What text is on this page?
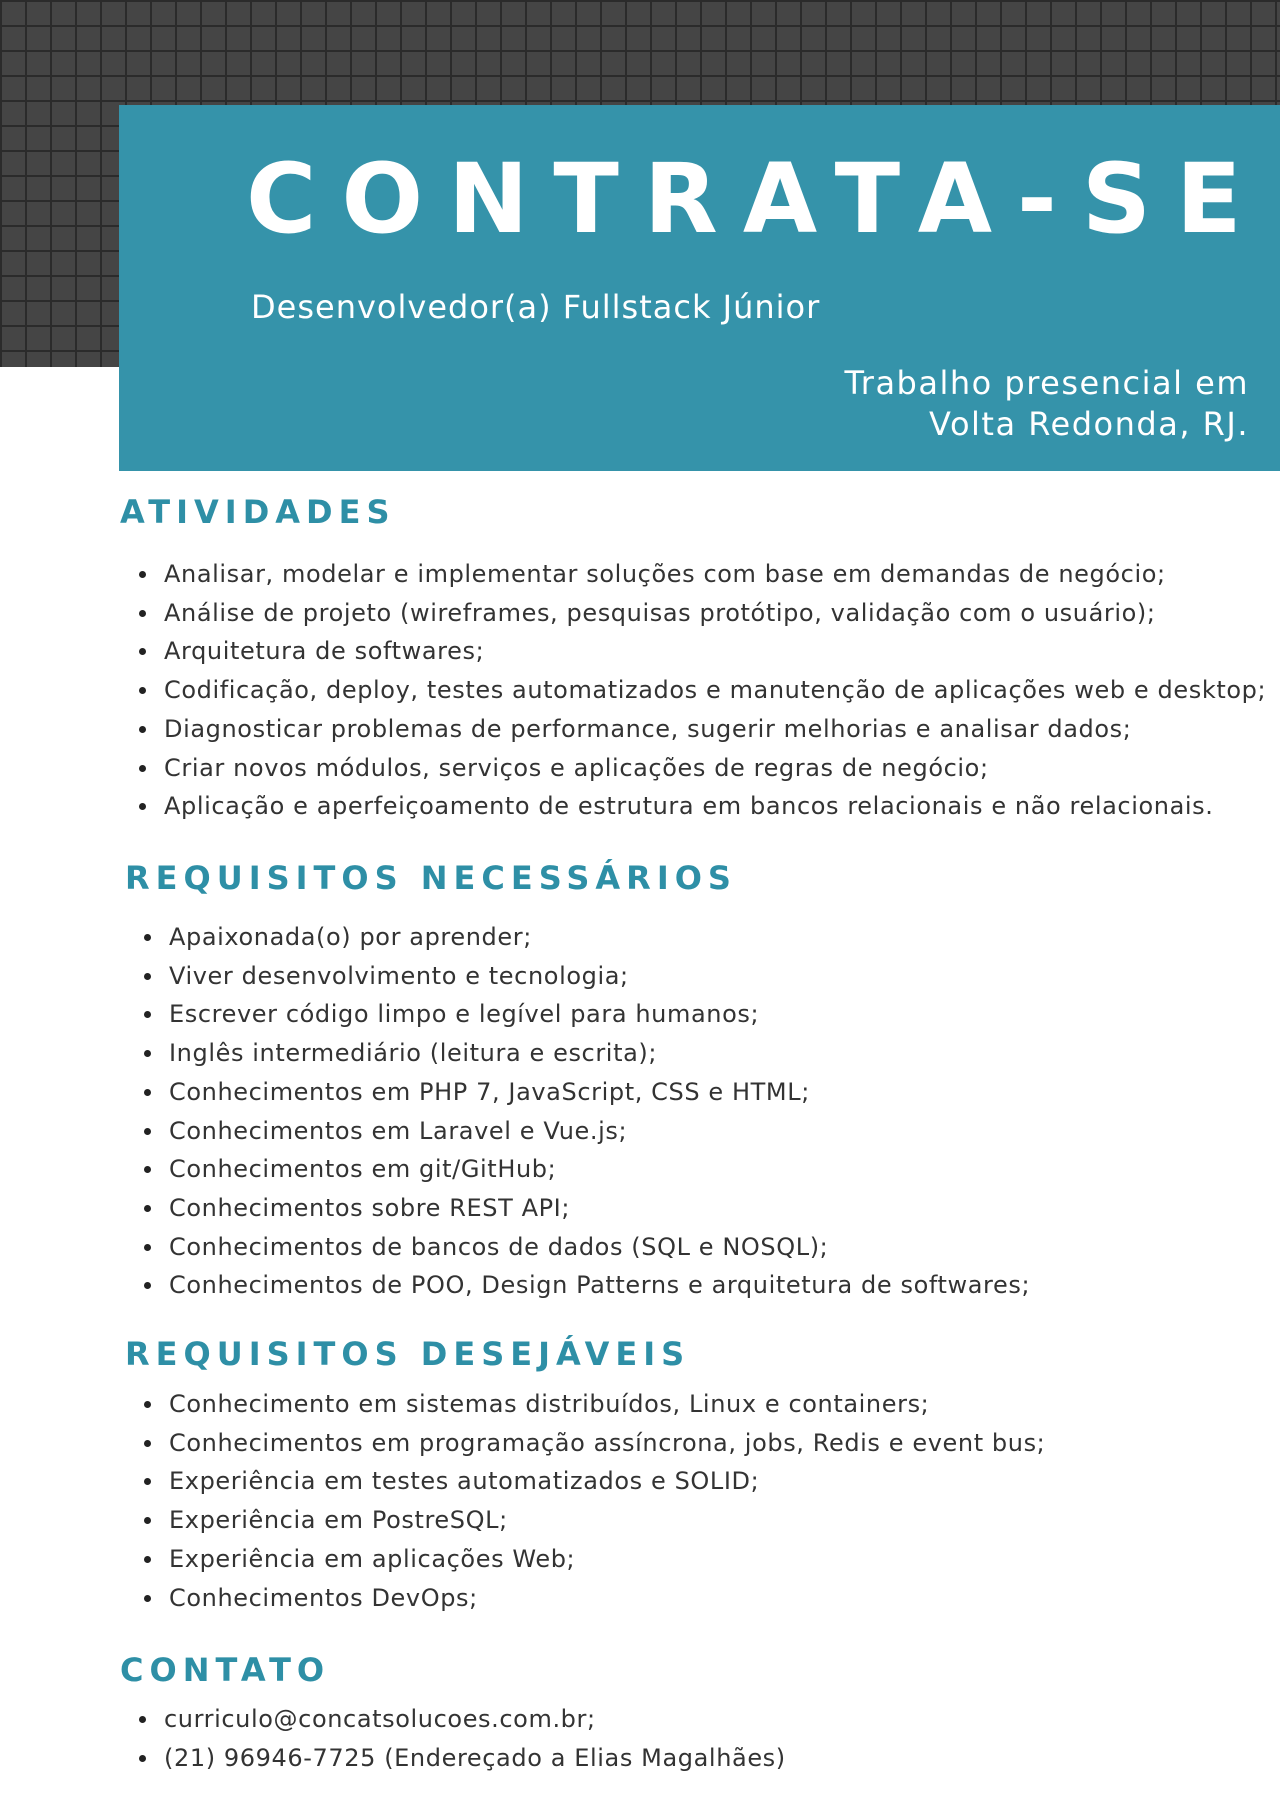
CONTRATA-SE
Desenvolvedor(a) Fullstack Júnior
Trabalho presencial em
Volta Redonda, RJ.
ATIVIDADES
Analisar, modelar e implementar soluções com base em demandas de negócio;
Análise de projeto (wireframes, pesquisas protótipo, validação com o usuário);
Arquitetura de softwares;
Codificação, deploy, testes automatizados e manutenção de aplicações web e desktop;
Diagnosticar problemas de performance, sugerir melhorias e analisar dados;
Criar novos módulos, serviços e aplicações de regras de negócio;
Aplicação e aperfeiçoamento de estrutura em bancos relacionais e não relacionais.
REQUISITOS NECESSÁRIOS
Apaixonada(o) por aprender;
Viver desenvolvimento e tecnologia;
Escrever código limpo e legível para humanos;
Inglês intermediário (leitura e escrita);
Conhecimentos em PHP 7, JavaScript, CSS e HTML;
Conhecimentos em Laravel e Vue.js;
Conhecimentos em git/GitHub;
Conhecimentos sobre REST API;
Conhecimentos de bancos de dados (SQL e NOSQL);
Conhecimentos de POO, Design Patterns e arquitetura de softwares;
REQUISITOS DESEJÁVEIS
Conhecimento em sistemas distribuídos, Linux e containers;
Conhecimentos em programação assíncrona, jobs, Redis e event bus;
Experiência em testes automatizados e SOLID;
Experiência em PostreSQL;
Experiência em aplicações Web;
Conhecimentos DevOps;
CONTATO
curriculo@concatsolucoes.com.br;
(21) 96946-7725 (Endereçado a Elias Magalhães)
